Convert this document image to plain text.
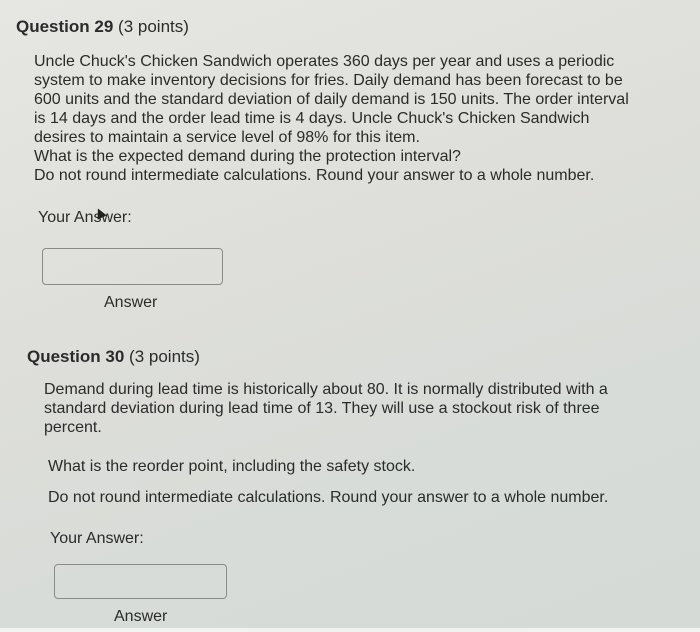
Question 29 (3 points)
Uncle Chuck's Chicken Sandwich operates 360 days per year and uses a periodic
system to make inventory decisions for fries. Daily demand has been forecast to be
600 units and the standard deviation of daily demand is 150 units. The order interval
is 14 days and the order lead time is 4 days. Uncle Chuck's Chicken Sandwich
desires to maintain a service level of 98% for this item.
What is the expected demand during the protection interval?
Do not round intermediate calculations. Round your answer to a whole number.
Your Answer:
Answer
Question 30 (3 points)
Demand during lead time is historically about 80. It is normally distributed with a
standard deviation during lead time of 13. They will use a stockout risk of three
percent.
What is the reorder point, including the safety stock.
Do not round intermediate calculations. Round your answer to a whole number.
Your Answer:
Answer
